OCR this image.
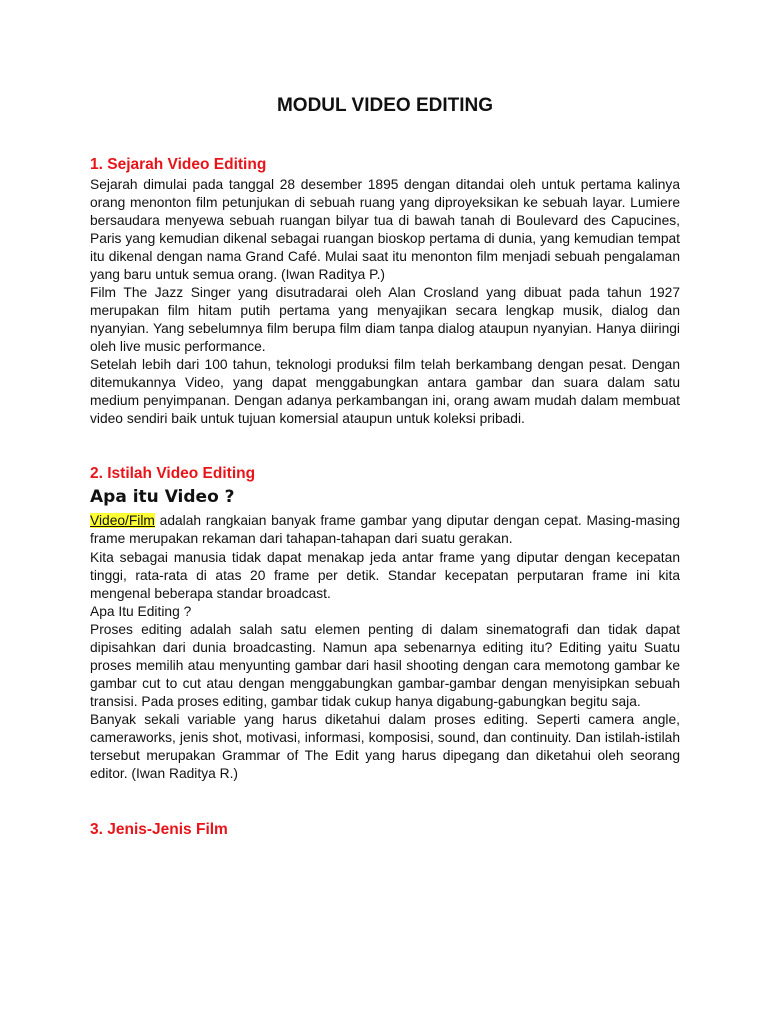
MODUL VIDEO EDITING
1. Sejarah Video Editing

Sejarah dimulai pada tanggal 28 desember 1895 dengan ditandai oleh untuk pertama kalinya orang menonton film petunjukan di sebuah ruang yang diproyeksikan ke sebuah layar. Lumiere bersaudara menyewa sebuah ruangan bilyar tua di bawah tanah di Boulevard des Capucines, Paris yang kemudian dikenal sebagai ruangan bioskop pertama di dunia, yang kemudian tempat itu dikenal dengan nama Grand Café. Mulai saat itu menonton film menjadi sebuah pengalaman yang baru untuk semua orang. (Iwan Raditya P.)

Film The Jazz Singer yang disutradarai oleh Alan Crosland yang dibuat pada tahun 1927 merupakan film hitam putih pertama yang menyajikan secara lengkap musik, dialog dan nyanyian. Yang sebelumnya film berupa film diam tanpa dialog ataupun nyanyian. Hanya diiringi oleh live music performance.

Setelah lebih dari 100 tahun, teknologi produksi film telah berkambang dengan pesat. Dengan ditemukannya Video, yang dapat menggabungkan antara gambar dan suara dalam satu medium penyimpanan. Dengan adanya perkambangan ini, orang awam mudah dalam membuat video sendiri baik untuk tujuan komersial ataupun untuk koleksi pribadi.

2. Istilah Video Editing
Apa itu Video ?

Video/Film adalah rangkaian banyak frame gambar yang diputar dengan cepat. Masing-masing frame merupakan rekaman dari tahapan-tahapan dari suatu gerakan.

Kita sebagai manusia tidak dapat menakap jeda antar frame yang diputar dengan kecepatan tinggi, rata-rata di atas 20 frame per detik. Standar kecepatan perputaran frame ini kita mengenal beberapa standar broadcast.

Apa Itu Editing ?

Proses editing adalah salah satu elemen penting di dalam sinematografi dan tidak dapat dipisahkan dari dunia broadcasting. Namun apa sebenarnya editing itu? Editing yaitu Suatu proses memilih atau menyunting gambar dari hasil shooting dengan cara memotong gambar ke gambar cut to cut atau dengan menggabungkan gambar-gambar dengan menyisipkan sebuah transisi. Pada proses editing, gambar tidak cukup hanya digabung-gabungkan begitu saja.

Banyak sekali variable yang harus diketahui dalam proses editing. Seperti camera angle, cameraworks, jenis shot, motivasi, informasi, komposisi, sound, dan continuity. Dan istilah-istilah tersebut merupakan Grammar of The Edit yang harus dipegang dan diketahui oleh seorang editor. (Iwan Raditya R.)

3. Jenis-Jenis Film
